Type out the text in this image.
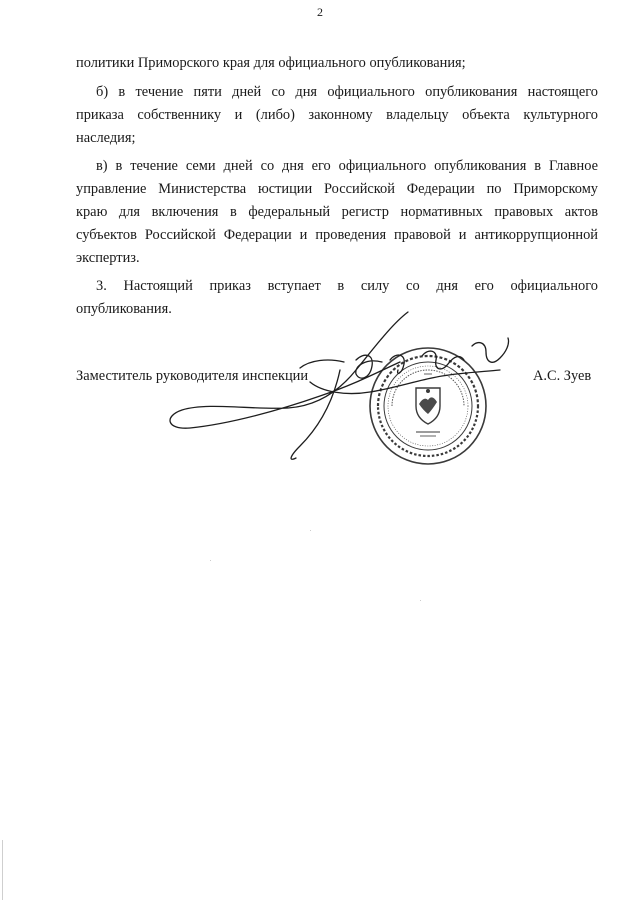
2
политики Приморского края для официального опубликования;
б) в течение пяти дней со дня официального опубликования настоящего
приказа собственнику и (либо) законному владельцу объекта культурного
наследия;
в) в течение семи дней со дня его официального опубликования в Главное
управление Министерства юстиции Российской Федерации по Приморскому
краю для включения в федеральный регистр нормативных правовых актов
субъектов Российской Федерации и проведения правовой и антикоррупционной
экспертиз.
3. Настоящий приказ вступает в силу со дня его официального
опубликования.
Заместитель руководителя инспекции	А.С. Зуев
